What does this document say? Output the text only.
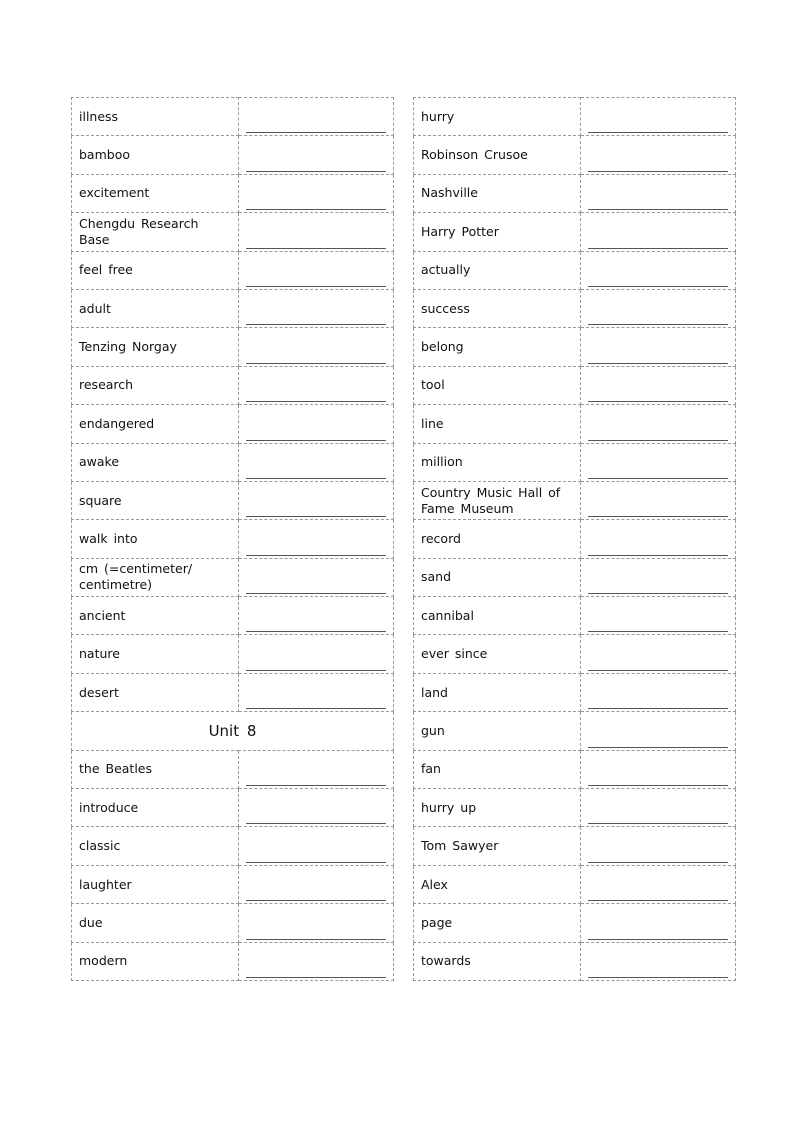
illness	

bamboo	

excitement	

Chengdu Research Base	

feel free	

adult	

Tenzing Norgay	

research	

endangered	

awake	

square	

walk into	

cm (=centimeter/ centimetre)	

ancient	

nature	

desert	

Unit 8	
the Beatles	

introduce	

classic	

laughter	

due	

modern	
hurry	

Robinson Crusoe	

Nashville	

Harry Potter	

actually	

success	

belong	

tool	

line	

million	

Country Music Hall of Fame Museum	

record	

sand	

cannibal	

ever since	

land	

gun	

fan	

hurry up	

Tom Sawyer	

Alex	

page	

towards	
